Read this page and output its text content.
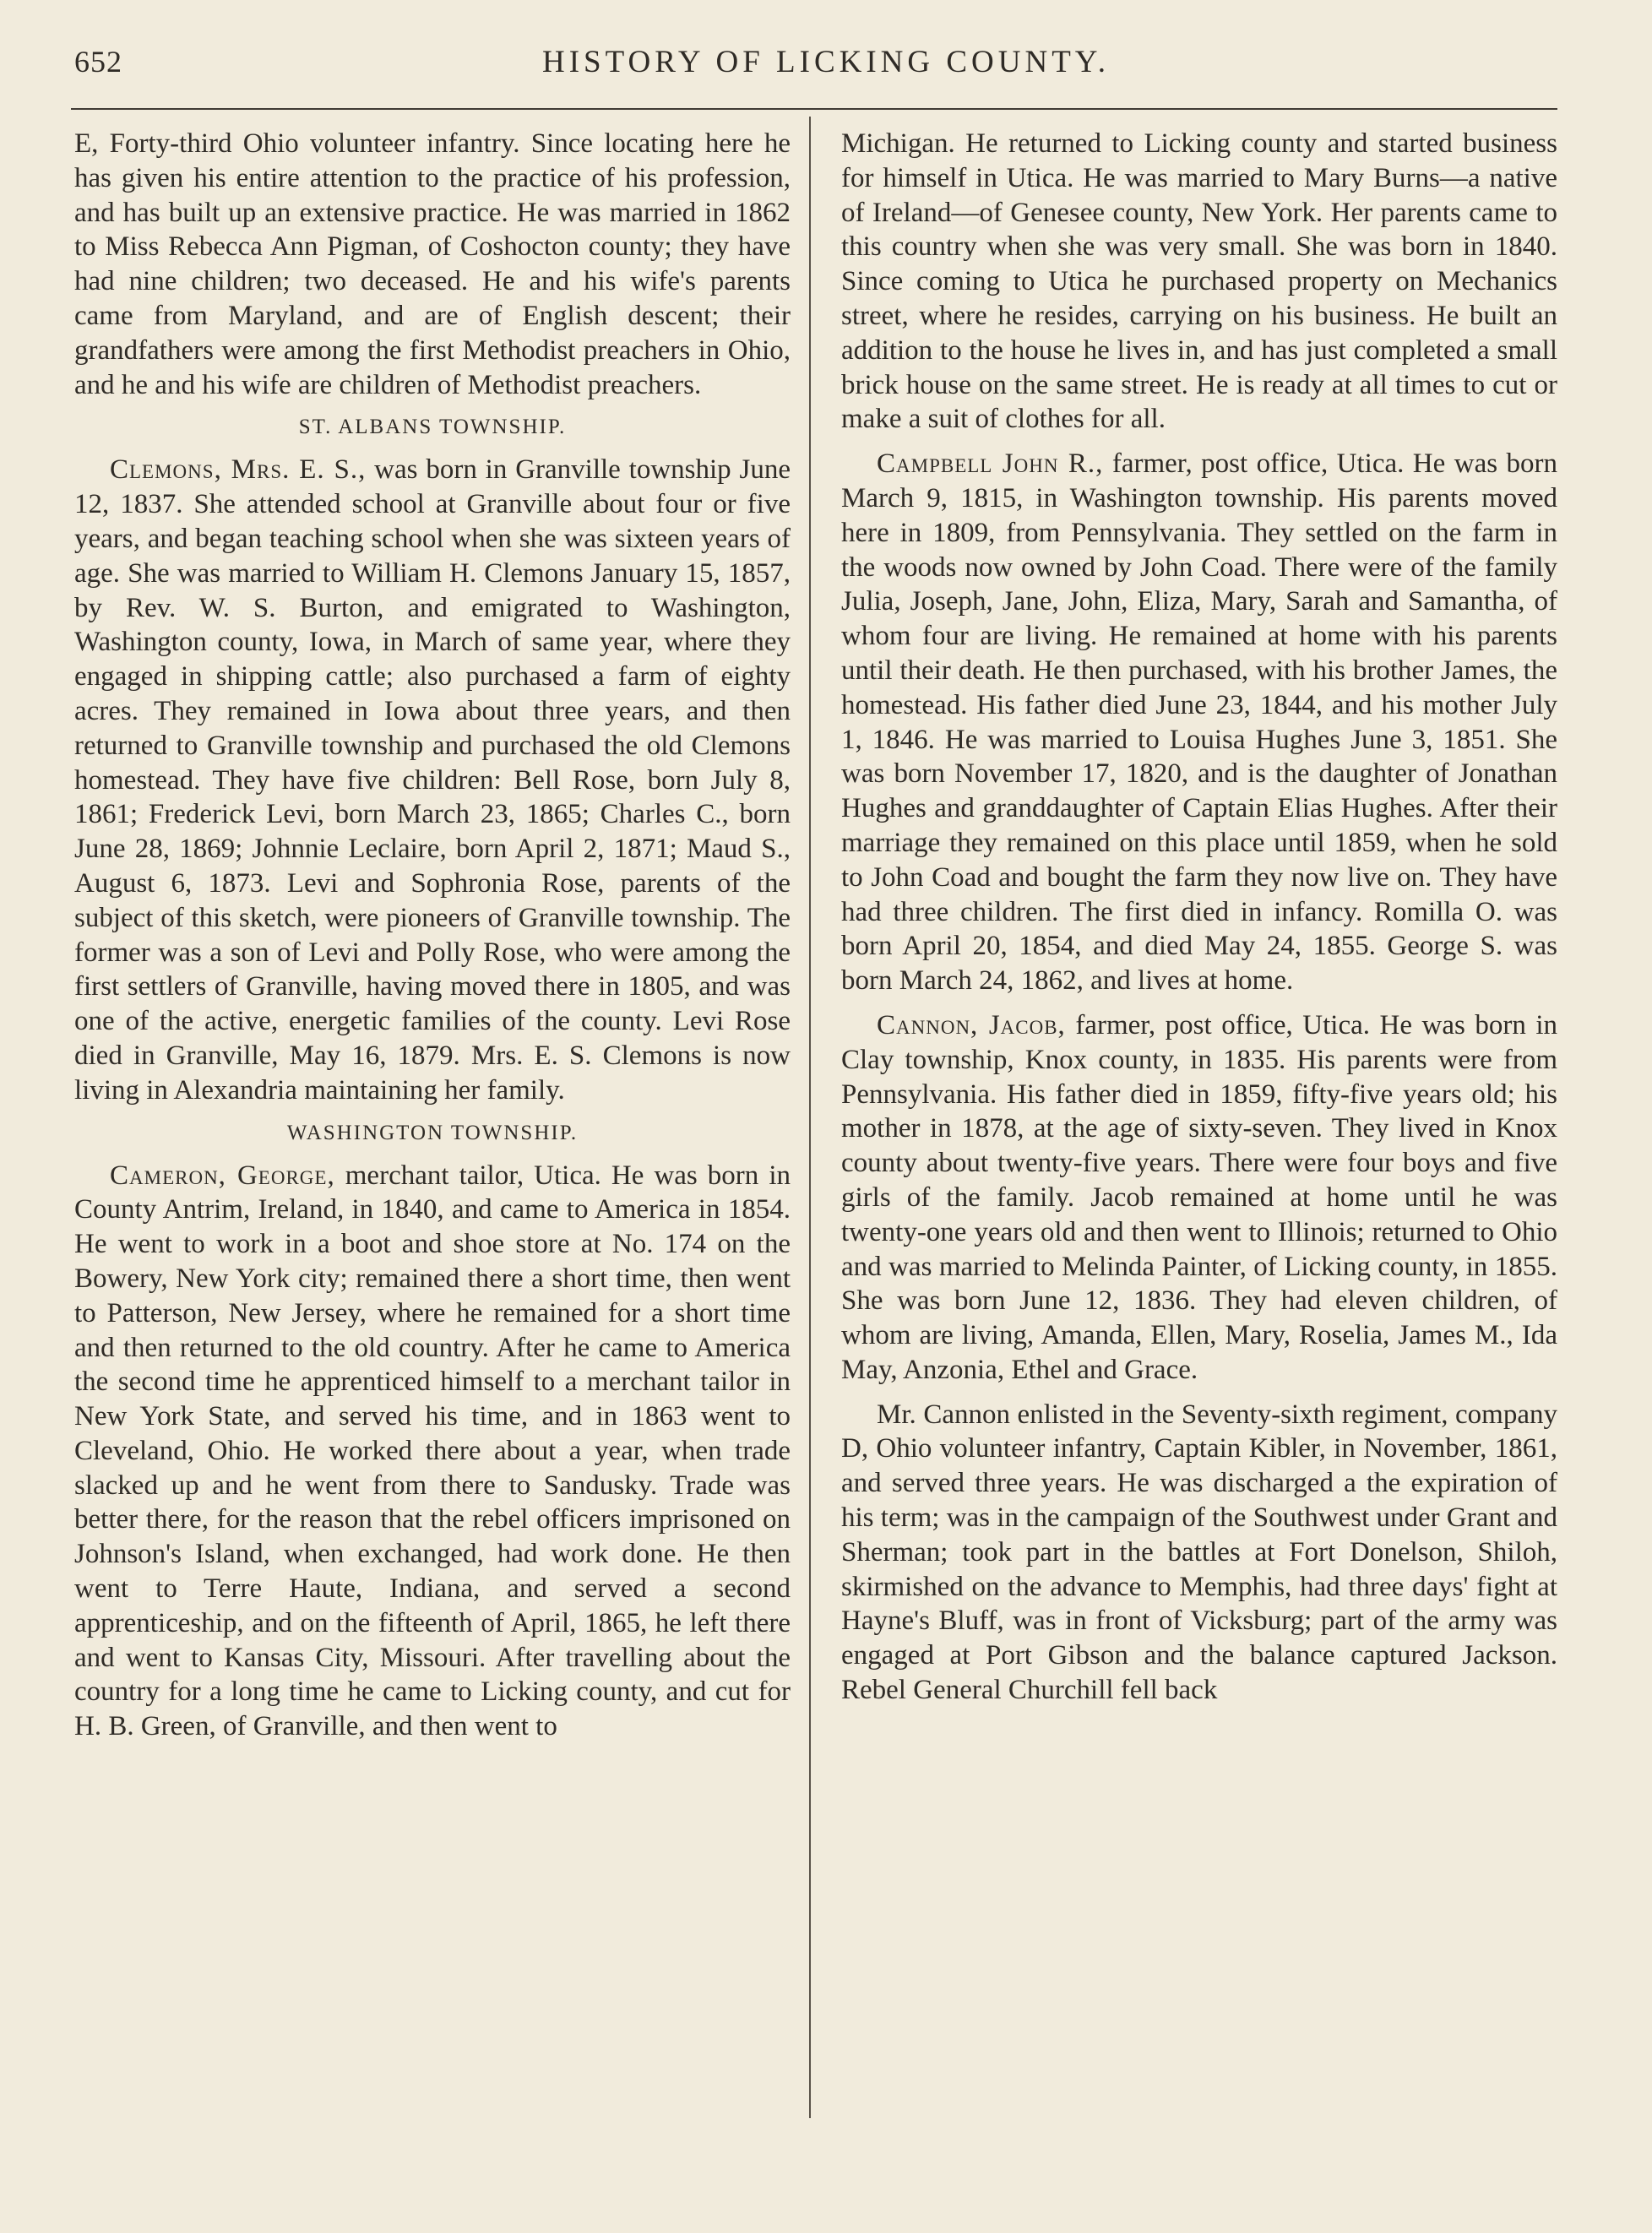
652	HISTORY OF LICKING COUNTY.

E, Forty-third Ohio volunteer infantry. Since locating here he has given his entire attention to the practice of his profession, and has built up an extensive practice. He was married in 1862 to Miss Rebecca Ann Pigman, of Coshocton county; they have had nine children; two deceased. He and his wife's parents came from Maryland, and are of English descent; their grandfathers were among the first Methodist preachers in Ohio, and he and his wife are children of Methodist preachers.

ST. ALBANS TOWNSHIP.

Clemons, Mrs. E. S., was born in Granville township June 12, 1837. She attended school at Granville about four or five years, and began teaching school when she was sixteen years of age. She was married to William H. Clemons January 15, 1857, by Rev. W. S. Burton, and emigrated to Washington, Washington county, Iowa, in March of same year, where they engaged in shipping cattle; also purchased a farm of eighty acres. They remained in Iowa about three years, and then returned to Granville township and purchased the old Clemons homestead. They have five children: Bell Rose, born July 8, 1861; Frederick Levi, born March 23, 1865; Charles C., born June 28, 1869; Johnnie Leclaire, born April 2, 1871; Maud S., August 6, 1873. Levi and Sophronia Rose, parents of the subject of this sketch, were pioneers of Granville township. The former was a son of Levi and Polly Rose, who were among the first settlers of Granville, having moved there in 1805, and was one of the active, energetic families of the county. Levi Rose died in Granville, May 16, 1879. Mrs. E. S. Clemons is now living in Alexandria maintaining her family.

WASHINGTON TOWNSHIP.

Cameron, George, merchant tailor, Utica. He was born in County Antrim, Ireland, in 1840, and came to America in 1854. He went to work in a boot and shoe store at No. 174 on the Bowery, New York city; remained there a short time, then went to Patterson, New Jersey, where he remained for a short time and then returned to the old country. After he came to America the second time he apprenticed himself to a merchant tailor in New York State, and served his time, and in 1863 went to Cleveland, Ohio. He worked there about a year, when trade slacked up and he went from there to Sandusky. Trade was better there, for the reason that the rebel officers imprisoned on Johnson's Island, when exchanged, had work done. He then went to Terre Haute, Indiana, and served a second apprenticeship, and on the fifteenth of April, 1865, he left there and went to Kansas City, Missouri. After travelling about the country for a long time he came to Licking county, and cut for H. B. Green, of Granville, and then went to

Michigan. He returned to Licking county and started business for himself in Utica. He was married to Mary Burns—a native of Ireland—of Genesee county, New York. Her parents came to this country when she was very small. She was born in 1840. Since coming to Utica he purchased property on Mechanics street, where he resides, carrying on his business. He built an addition to the house he lives in, and has just completed a small brick house on the same street. He is ready at all times to cut or make a suit of clothes for all.

Campbell John R., farmer, post office, Utica. He was born March 9, 1815, in Washington township. His parents moved here in 1809, from Pennsylvania. They settled on the farm in the woods now owned by John Coad. There were of the family Julia, Joseph, Jane, John, Eliza, Mary, Sarah and Samantha, of whom four are living. He remained at home with his parents until their death. He then purchased, with his brother James, the homestead. His father died June 23, 1844, and his mother July 1, 1846. He was married to Louisa Hughes June 3, 1851. She was born November 17, 1820, and is the daughter of Jonathan Hughes and granddaughter of Captain Elias Hughes. After their marriage they remained on this place until 1859, when he sold to John Coad and bought the farm they now live on. They have had three children. The first died in infancy. Romilla O. was born April 20, 1854, and died May 24, 1855. George S. was born March 24, 1862, and lives at home.

Cannon, Jacob, farmer, post office, Utica. He was born in Clay township, Knox county, in 1835. His parents were from Pennsylvania. His father died in 1859, fifty-five years old; his mother in 1878, at the age of sixty-seven. They lived in Knox county about twenty-five years. There were four boys and five girls of the family. Jacob remained at home until he was twenty-one years old and then went to Illinois; returned to Ohio and was married to Melinda Painter, of Licking county, in 1855. She was born June 12, 1836. They had eleven children, of whom are living, Amanda, Ellen, Mary, Roselia, James M., Ida May, Anzonia, Ethel and Grace.

Mr. Cannon enlisted in the Seventy-sixth regiment, company D, Ohio volunteer infantry, Captain Kibler, in November, 1861, and served three years. He was discharged a the expiration of his term; was in the campaign of the Southwest under Grant and Sherman; took part in the battles at Fort Donelson, Shiloh, skirmished on the advance to Memphis, had three days' fight at Hayne's Bluff, was in front of Vicksburg; part of the army was engaged at Port Gibson and the balance captured Jackson. Rebel General Churchill fell back
